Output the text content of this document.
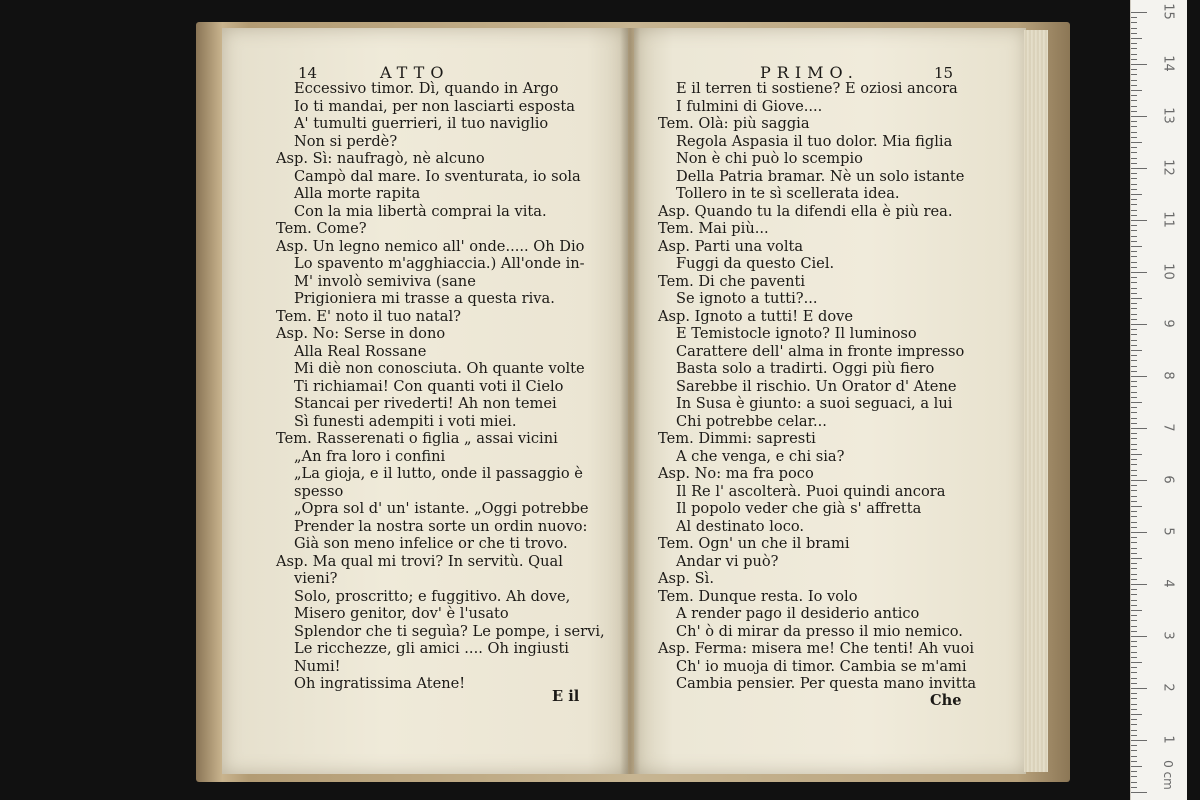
14	ATTO
Eccessivo timor. Dì, quando in Argo
Io ti mandai, per non lasciarti esposta
A' tumulti guerrieri, il tuo naviglio
Non si perdè?
Asp. Sì: naufragò, nè alcuno
Campò dal mare. Io sventurata, io sola
Alla morte rapita
Con la mia libertà comprai la vita.
Tem. Come?
Asp. Un legno nemico all' onde..... Oh Dio
Lo spavento m'agghiaccia.) All'onde in-
M' involò semiviva (sane
Prigioniera mi trasse a questa riva.
Tem. E' noto il tuo natal?
Asp. No: Serse in dono
Alla Real Rossane
Mi diè non conosciuta. Oh quante volte
Ti richiamai! Con quanti voti il Cielo
Stancai per rivederti! Ah non temei
Sì funesti adempiti i voti miei.
Tem. Rasserenati o figlia „ assai vicini
„An fra loro i confini
„La gioja, e il lutto, onde il passaggio è
spesso
„Opra sol d' un' istante. „Oggi potrebbe
Prender la nostra sorte un ordin nuovo:
Già son meno infelice or che ti trovo.
Asp. Ma qual mi trovi? In servitù. Qual
vieni?
Solo, proscritto; e fuggitivo. Ah dove,
Misero genitor, dov' è l'usato
Splendor che ti seguìa? Le pompe, i servi,
Le ricchezze, gli amici .... Oh ingiusti
Numi!
Oh ingratissima Atene!
E il
PRIMO.	15
E il terren ti sostiene? E oziosi ancora
I fulmini di Giove....
Tem. Olà: più saggia
Regola Aspasia il tuo dolor. Mia figlia
Non è chi può lo scempio
Della Patria bramar. Nè un solo istante
Tollero in te sì scellerata idea.
Asp. Quando tu la difendi ella è più rea.
Tem. Mai più...
Asp. Parti una volta
Fuggi da questo Ciel.
Tem. Di che paventi
Se ignoto a tutti?...
Asp. Ignoto a tutti! E dove
E Temistocle ignoto? Il luminoso
Carattere dell' alma in fronte impresso
Basta solo a tradirti. Oggi più fiero
Sarebbe il rischio. Un Orator d' Atene
In Susa è giunto: a suoi seguaci, a lui
Chi potrebbe celar...
Tem. Dimmi: sapresti
A che venga, e chi sia?
Asp. No: ma fra poco
Il Re l' ascolterà. Puoi quindi ancora
Il popolo veder che già s' affretta
Al destinato loco.
Tem. Ogn' un che il brami
Andar vi può?
Asp. Sì.
Tem. Dunque resta. Io volo
A render pago il desiderio antico
Ch' ò di mirar da presso il mio nemico.
Asp. Ferma: misera me! Che tenti! Ah vuoi
Ch' io muoja di timor. Cambia se m'ami
Cambia pensier. Per questa mano invitta
Che
0 cm
1
2
3
4
5
6
7
8
9
10
11
12
13
14
15
